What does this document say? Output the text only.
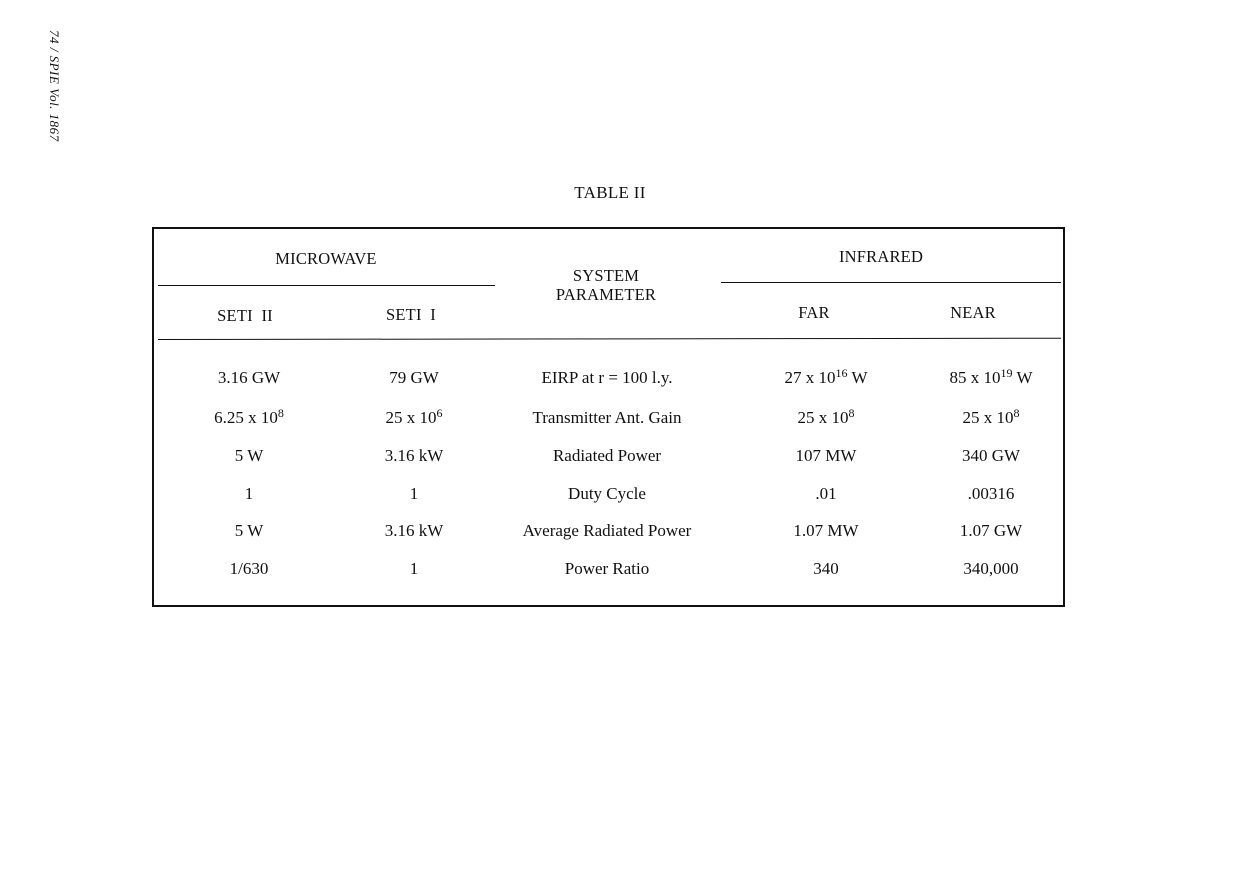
74 / SPIE Vol. 1867
TABLE II
MICROWAVE	INFRARED
SYSTEM
PARAMETER
SETI  II	SETI  I	FAR	NEAR
3.16 GW	79 GW	EIRP at r = 100 l.y.	27 x $10^{16}$ W	85 x $10^{19}$ W
6.25 x $10^8$	25 x $10^6$	Transmitter Ant. Gain	25 x $10^8$	25 x $10^8$
5 W	3.16 kW	Radiated Power	107 MW	340 GW
1	1	Duty Cycle	.01	.00316
5 W	3.16 kW	Average Radiated Power	1.07 MW	1.07 GW
1/630	1	Power Ratio	340	340,000
